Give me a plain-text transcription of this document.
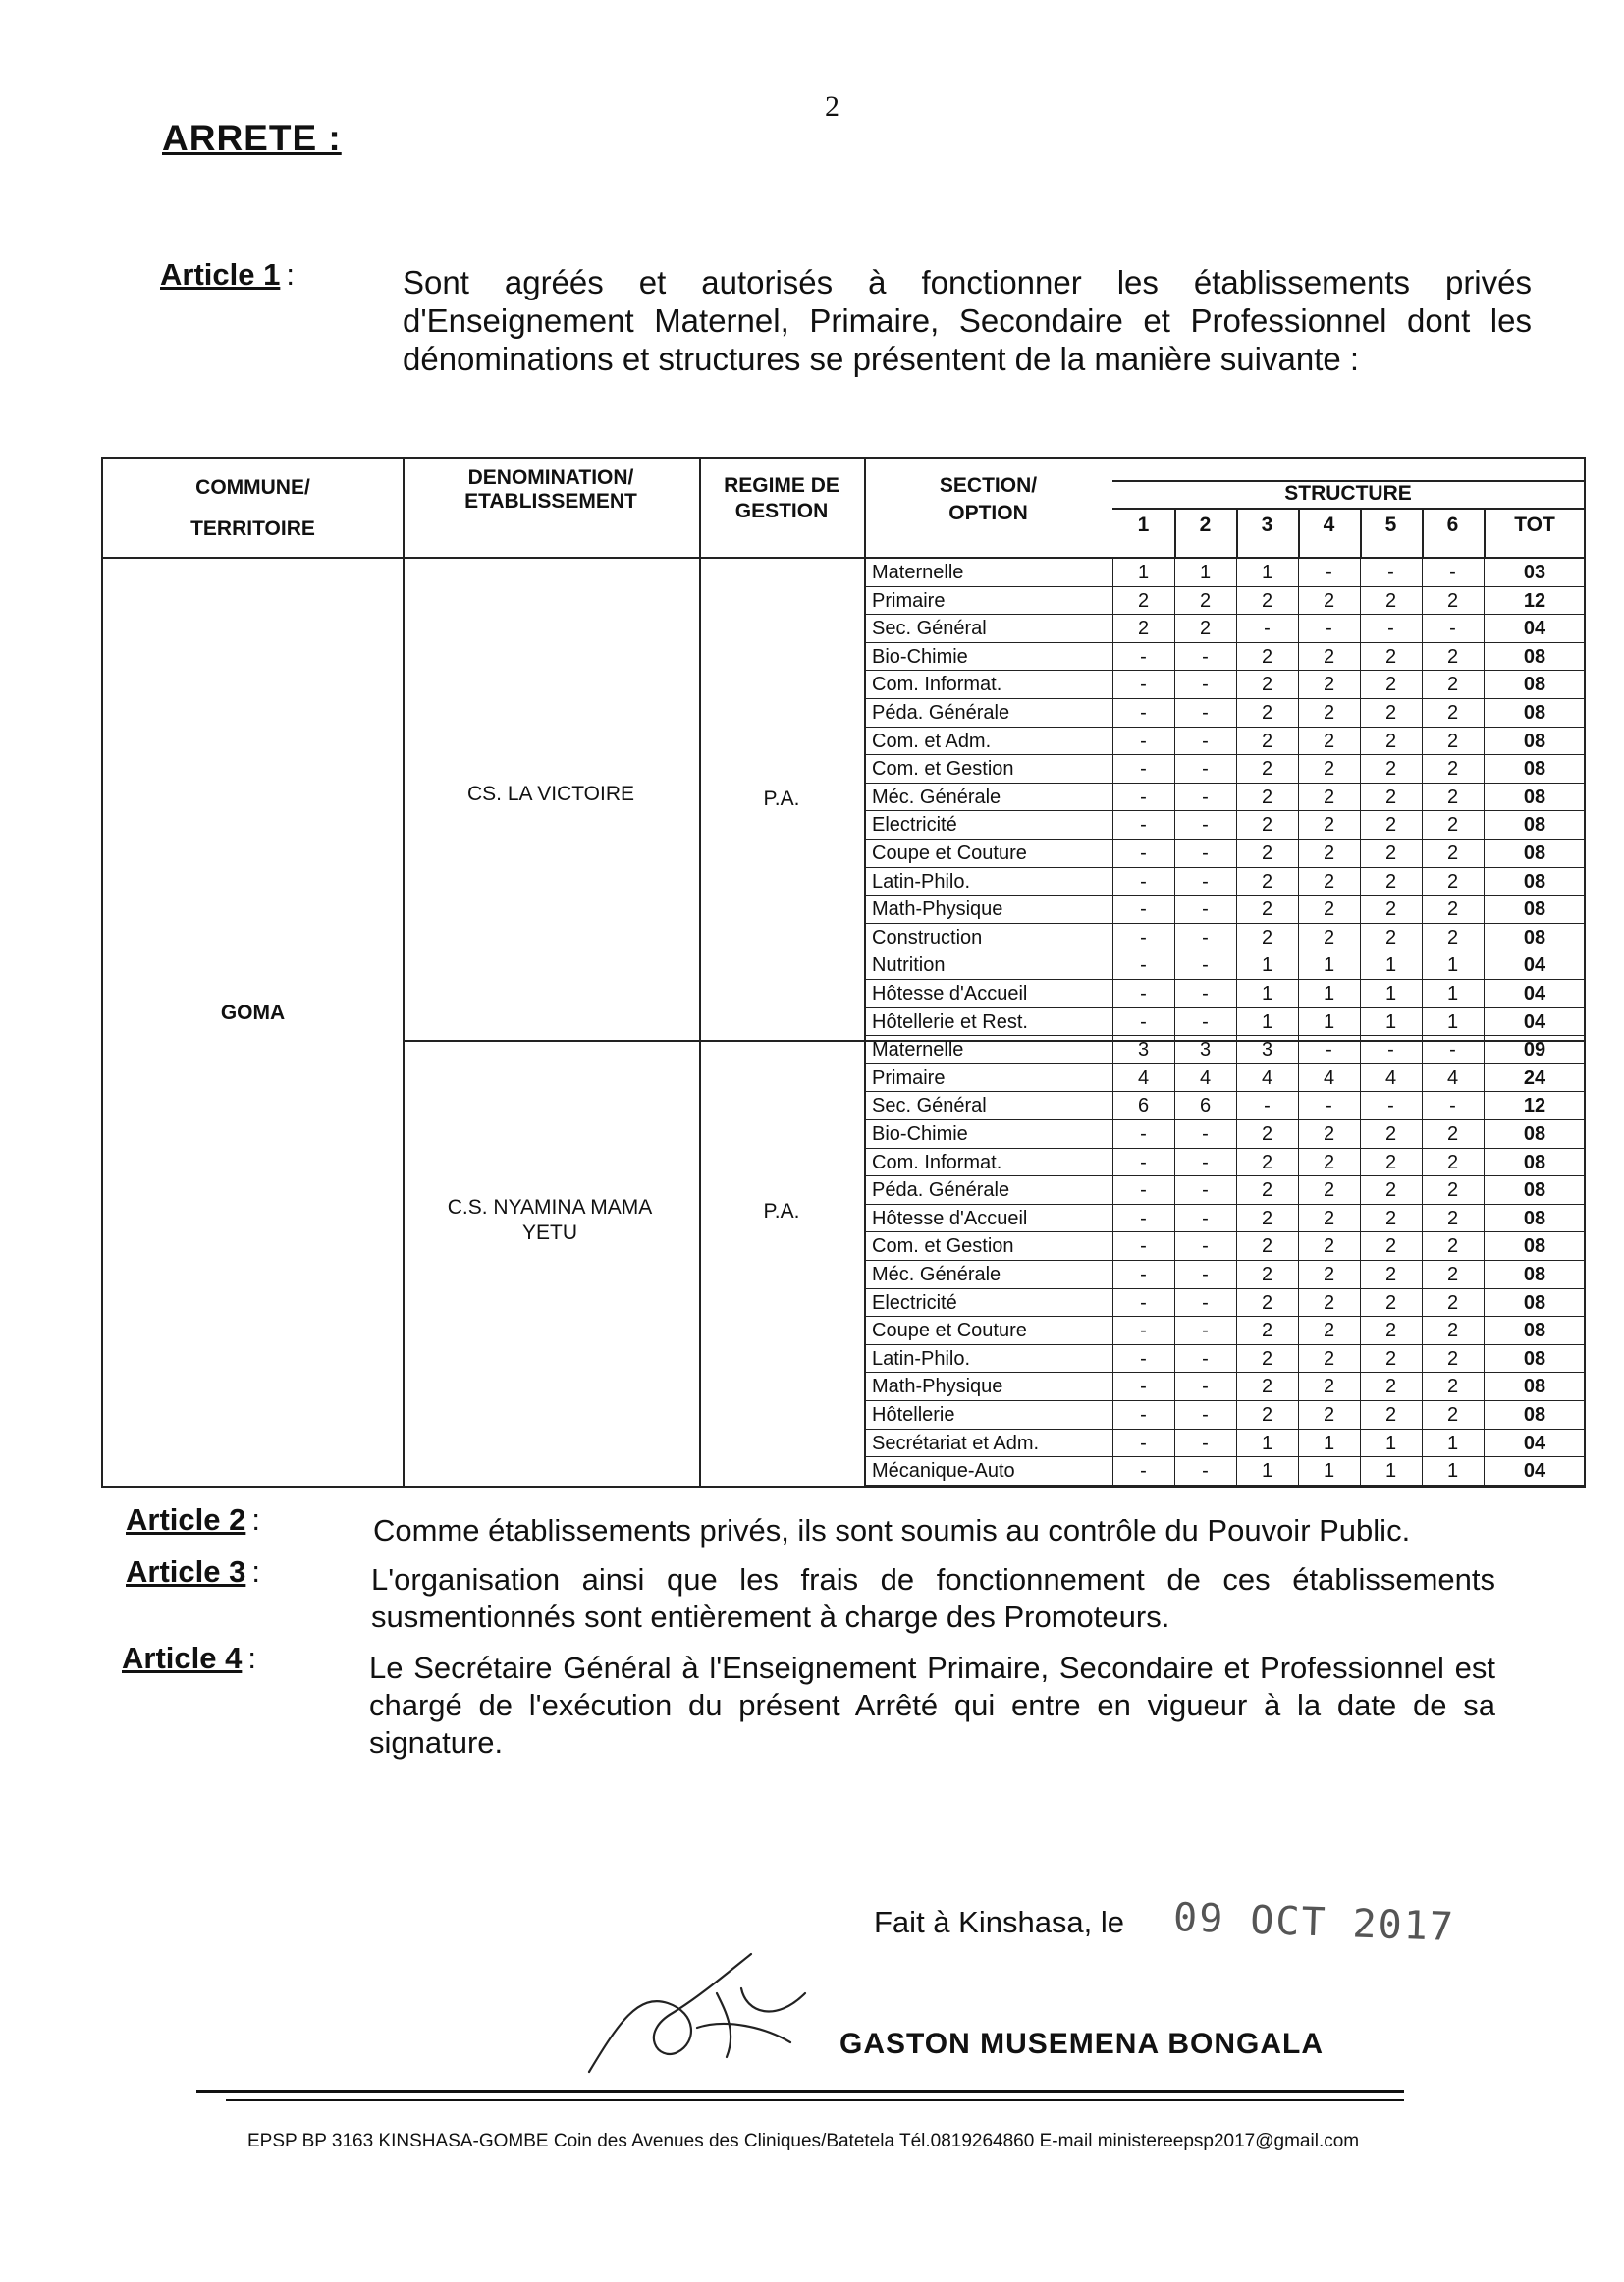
2
ARRETE :
Article 1 :	Sont agréés et autorisés à fonctionner les établissements privés d'Enseignement Maternel, Primaire, Secondaire et Professionnel dont les dénominations et structures se présentent de la manière suivante :
COMMUNE/
TERRITOIRE
DENOMINATION/
ETABLISSEMENT
REGIME DE
GESTION
SECTION/
OPTION
STRUCTURE
1	2	3	4	5	6	TOT
GOMA
CS. LA VICTOIRE	P.A.
C.S. NYAMINA MAMA YETU
P.A.
Maternelle	1	1	1	-	-	-	03
Primaire	2	2	2	2	2	2	12
Sec. Général	2	2	-	-	-	-	04
Bio-Chimie	-	-	2	2	2	2	08
Com. Informat.	-	-	2	2	2	2	08
Péda. Générale	-	-	2	2	2	2	08
Com. et Adm.	-	-	2	2	2	2	08
Com. et Gestion	-	-	2	2	2	2	08
Méc. Générale	-	-	2	2	2	2	08
Electricité	-	-	2	2	2	2	08
Coupe et Couture	-	-	2	2	2	2	08
Latin-Philo.	-	-	2	2	2	2	08
Math-Physique	-	-	2	2	2	2	08
Construction	-	-	2	2	2	2	08
Nutrition	-	-	1	1	1	1	04
Hôtesse d'Accueil	-	-	1	1	1	1	04
Hôtellerie et Rest.	-	-	1	1	1	1	04
Maternelle	3	3	3	-	-	-	09
Primaire	4	4	4	4	4	4	24
Sec. Général	6	6	-	-	-	-	12
Bio-Chimie	-	-	2	2	2	2	08
Com. Informat.	-	-	2	2	2	2	08
Péda. Générale	-	-	2	2	2	2	08
Hôtesse d'Accueil	-	-	2	2	2	2	08
Com. et Gestion	-	-	2	2	2	2	08
Méc. Générale	-	-	2	2	2	2	08
Electricité	-	-	2	2	2	2	08
Coupe et Couture	-	-	2	2	2	2	08
Latin-Philo.	-	-	2	2	2	2	08
Math-Physique	-	-	2	2	2	2	08
Hôtellerie	-	-	2	2	2	2	08
Secrétariat et Adm.	-	-	1	1	1	1	04
Mécanique-Auto	-	-	1	1	1	1	04
Article 2 :	Comme établissements privés, ils sont soumis au contrôle du Pouvoir Public.
Article 3 :	L'organisation ainsi que les frais de fonctionnement de ces établissements susmentionnés sont entièrement à charge des Promoteurs.
Article 4 :	Le Secrétaire Général à l'Enseignement Primaire, Secondaire et Professionnel est chargé de l'exécution du présent Arrêté qui entre en vigueur à la date de sa signature.
Fait à Kinshasa, le 09 OCT 2017
GASTON MUSEMENA BONGALA
EPSP BP 3163 KINSHASA-GOMBE Coin des Avenues des Cliniques/Batetela Tél.0819264860 E-mail ministereepsp2017@gmail.com
